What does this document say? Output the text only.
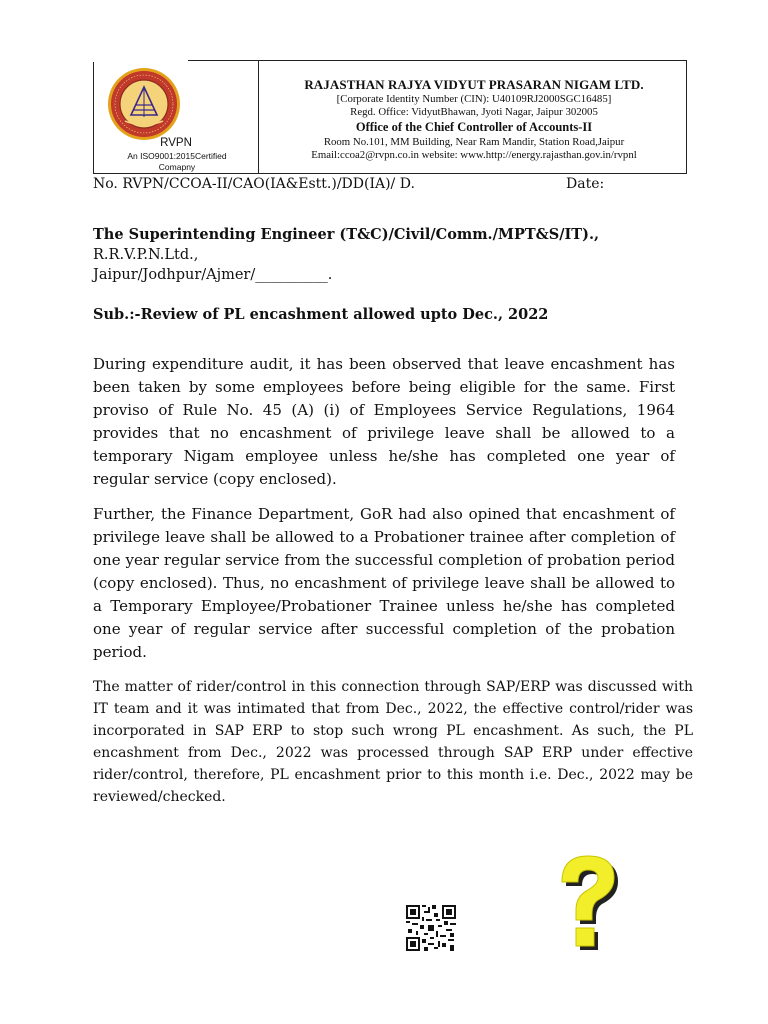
RVPN
An ISO9001:2015Certified
Comapny
RAJASTHAN RAJYA VIDYUT PRASARAN NIGAM LTD.
[Corporate Identity Number (CIN): U40109RJ2000SGC16485]
Regd. Office: VidyutBhawan, Jyoti Nagar, Jaipur 302005
Office of the Chief Controller of Accounts-II
Room No.101, MM Building, Near Ram Mandir, Station Road,Jaipur
Email:ccoa2@rvpn.co.in website: www.http://energy.rajasthan.gov.in/rvpnl
No. RVPN/CCOA-II/CAO(IA&Estt.)/DD(IA)/ D.	Date:
The Superintending Engineer (T&C)/Civil/Comm./MPT&S/IT).,
R.R.V.P.N.Ltd.,
Jaipur/Jodhpur/Ajmer/__________.
Sub.:-Review of PL encashment allowed upto Dec., 2022
During expenditure audit, it has been observed that leave encashment has been taken by some employees before being eligible for the same. First proviso of Rule No. 45 (A) (i) of Employees Service Regulations, 1964 provides that no encashment of privilege leave shall be allowed to a temporary Nigam employee unless he/she has completed one year of regular service (copy enclosed).
Further, the Finance Department, GoR had also opined that encashment of privilege leave shall be allowed to a Probationer trainee after completion of one year regular service from the successful completion of probation period (copy enclosed). Thus, no encashment of privilege leave shall be allowed to a Temporary Employee/Probationer Trainee unless he/she has completed one year of regular service after successful completion of the probation period.
The matter of rider/control in this connection through SAP/ERP was discussed with IT team and it was intimated that from Dec., 2022, the effective control/rider was incorporated in SAP ERP to stop such wrong PL encashment. As such, the PL encashment from Dec., 2022 was processed through SAP ERP under effective rider/control, therefore, PL encashment prior to this month i.e. Dec., 2022 may be reviewed/checked.
